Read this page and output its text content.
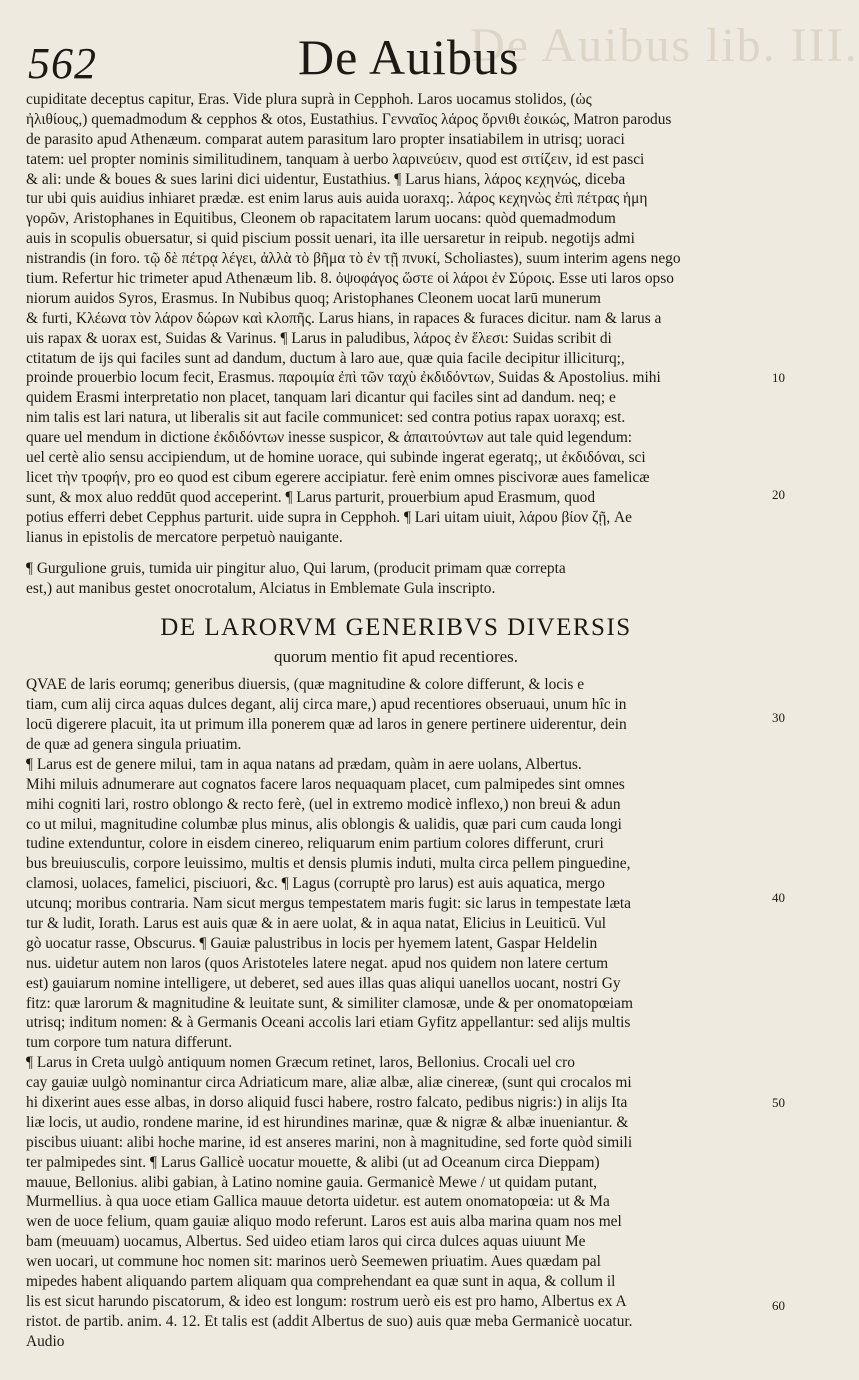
De Auibus lib. III.
562	De Auibus
10
20
30
40
50
60
cupiditate deceptus capitur, Eras. Vide plura suprà in Cepphoh. Laros uocamus stolidos, (ὡς
ἠλιθίους,) quemadmodum & cepphos & otos, Eustathius. Γενναῖος λάρος ὄρνιθι ἐοικώς, Matron parodus
de parasito apud Athenæum. comparat autem parasitum laro propter insatiabilem in utrisq; uoraci
tatem: uel propter nominis similitudinem, tanquam à uerbo λαρινεύειν, quod est σιτίζειν, id est pasci
& ali: unde & boues & sues larini dici uidentur, Eustathius. ¶ Larus hians, λάρος κεχηνώς, diceba
tur ubi quis auidius inhiaret prædæ. est enim larus auis auida uoraxq;. λάρος κεχηνὼς ἐπὶ πέτρας ἡμη
γορῶν, Aristophanes in Equitibus, Cleonem ob rapacitatem larum uocans: quòd quemadmodum
auis in scopulis obuersatur, si quid piscium possit uenari, ita ille uersaretur in reipub. negotijs admi
nistrandis (in foro. τῷ δὲ πέτρᾳ λέγει, ἀλλὰ τὸ βῆμα τὸ ἐν τῇ πνυκί, Scholiastes), suum interim agens nego
tium. Refertur hic trimeter apud Athenæum lib. 8. ὀψοφάγος ὥστε οἱ λάροι ἐν Σύροις. Esse uti laros opso
niorum auidos Syros, Erasmus. In Nubibus quoq; Aristophanes Cleonem uocat larū munerum
& furti, Κλέωνα τὸν λάρον δώρων καὶ κλοπῆς. Larus hians, in rapaces & furaces dicitur. nam & larus a
uis rapax & uorax est, Suidas & Varinus. ¶ Larus in paludibus, λάρος ἐν ἕλεσι: Suidas scribit di
ctitatum de ijs qui faciles sunt ad dandum, ductum à laro aue, quæ quia facile decipitur illiciturq;,
proinde prouerbio locum fecit, Erasmus. παροιμία ἐπὶ τῶν ταχὺ ἐκδιδόντων, Suidas & Apostolius. mihi
quidem Erasmi interpretatio non placet, tanquam lari dicantur qui faciles sint ad dandum. neq; e
nim talis est lari natura, ut liberalis sit aut facile communicet: sed contra potius rapax uoraxq; est.
quare uel mendum in dictione ἐκδιδόντων inesse suspicor, & ἀπαιτούντων aut tale quid legendum:
uel certè alio sensu accipiendum, ut de homine uorace, qui subinde ingerat egeratq;, ut ἐκδιδόναι, sci
licet τὴν τροφήν, pro eo quod est cibum egerere accipiatur. ferè enim omnes piscivoræ aues famelicæ
sunt, & mox aluo reddūt quod acceperint. ¶ Larus parturit, prouerbium apud Erasmum, quod
potius efferri debet Cepphus parturit. uide supra in Cepphoh. ¶ Lari uitam uiuit, λάρου βίον ζῇ, Ae
lianus in epistolis de mercatore perpetuò nauigante.
¶ Gurgulione gruis, tumida uir pingitur aluo, Qui larum, (producit primam quæ correpta
est,) aut manibus gestet onocrotalum, Alciatus in Emblemate Gula inscripto.
DE LARORVM GENERIBVS DIVERSIS
quorum mentio fit apud recentiores.
QVAE de laris eorumq; generibus diuersis, (quæ magnitudine & colore differunt, & locis e
tiam, cum alij circa aquas dulces degant, alij circa mare,) apud recentiores obseruaui, unum hîc in
locū digerere placuit, ita ut primum illa ponerem quæ ad laros in genere pertinere uiderentur, dein
de quæ ad genera singula priuatim.
¶ Larus est de genere milui, tam in aqua natans ad prædam, quàm in aere uolans, Albertus.
Mihi miluis adnumerare aut cognatos facere laros nequaquam placet, cum palmipedes sint omnes
mihi cogniti lari, rostro oblongo & recto ferè, (uel in extremo modicè inflexo,) non breui & adun
co ut milui, magnitudine columbæ plus minus, alis oblongis & ualidis, quæ pari cum cauda longi
tudine extenduntur, colore in eisdem cinereo, reliquarum enim partium colores differunt, cruri
bus breuiusculis, corpore leuissimo, multis et densis plumis induti, multa circa pellem pinguedine,
clamosi, uolaces, famelici, pisciuori, &c. ¶ Lagus (corruptè pro larus) est auis aquatica, mergo
utcunq; moribus contraria. Nam sicut mergus tempestatem maris fugit: sic larus in tempestate læta
tur & ludit, Iorath. Larus est auis quæ & in aere uolat, & in aqua natat, Elicius in Leuiticū. Vul
gò uocatur rasse, Obscurus. ¶ Gauiæ palustribus in locis per hyemem latent, Gaspar Heldelin
nus. uidetur autem non laros (quos Aristoteles latere negat. apud nos quidem non latere certum
est) gauiarum nomine intelligere, ut deberet, sed aues illas quas aliqui uanellos uocant, nostri Gy
fitz: quæ larorum & magnitudine & leuitate sunt, & similiter clamosæ, unde & per onomatopœiam
utrisq; inditum nomen: & à Germanis Oceani accolis lari etiam Gyfitz appellantur: sed alijs multis
tum corpore tum natura differunt.
¶ Larus in Creta uulgò antiquum nomen Græcum retinet, laros, Bellonius. Crocali uel cro
cay gauiæ uulgò nominantur circa Adriaticum mare, aliæ albæ, aliæ cinereæ, (sunt qui crocalos mi
hi dixerint aues esse albas, in dorso aliquid fusci habere, rostro falcato, pedibus nigris:) in alijs Ita
liæ locis, ut audio, rondene marine, id est hirundines marinæ, quæ & nigræ & albæ inueniantur. &
piscibus uiuant: alibi hoche marine, id est anseres marini, non à magnitudine, sed forte quòd simili
ter palmipedes sint. ¶ Larus Gallicè uocatur mouette, & alibi (ut ad Oceanum circa Dieppam)
mauue, Bellonius. alibi gabian, à Latino nomine gauia. Germanicè Mewe / ut quidam putant,
Murmellius. à qua uoce etiam Gallica mauue detorta uidetur. est autem onomatopœia: ut & Ma
wen de uoce felium, quam gauiæ aliquo modo referunt. Laros est auis alba marina quam nos mel
bam (meuuam) uocamus, Albertus. Sed uideo etiam laros qui circa dulces aquas uiuunt Me
wen uocari, ut commune hoc nomen sit: marinos uerò Seemewen priuatim. Aues quædam pal
mipedes habent aliquando partem aliquam qua comprehendant ea quæ sunt in aqua, & collum il
lis est sicut harundo piscatorum, & ideo est longum: rostrum uerò eis est pro hamo, Albertus ex A
ristot. de partib. anim. 4. 12. Et talis est (addit Albertus de suo) auis quæ meba Germanicè uocatur.
Audio
